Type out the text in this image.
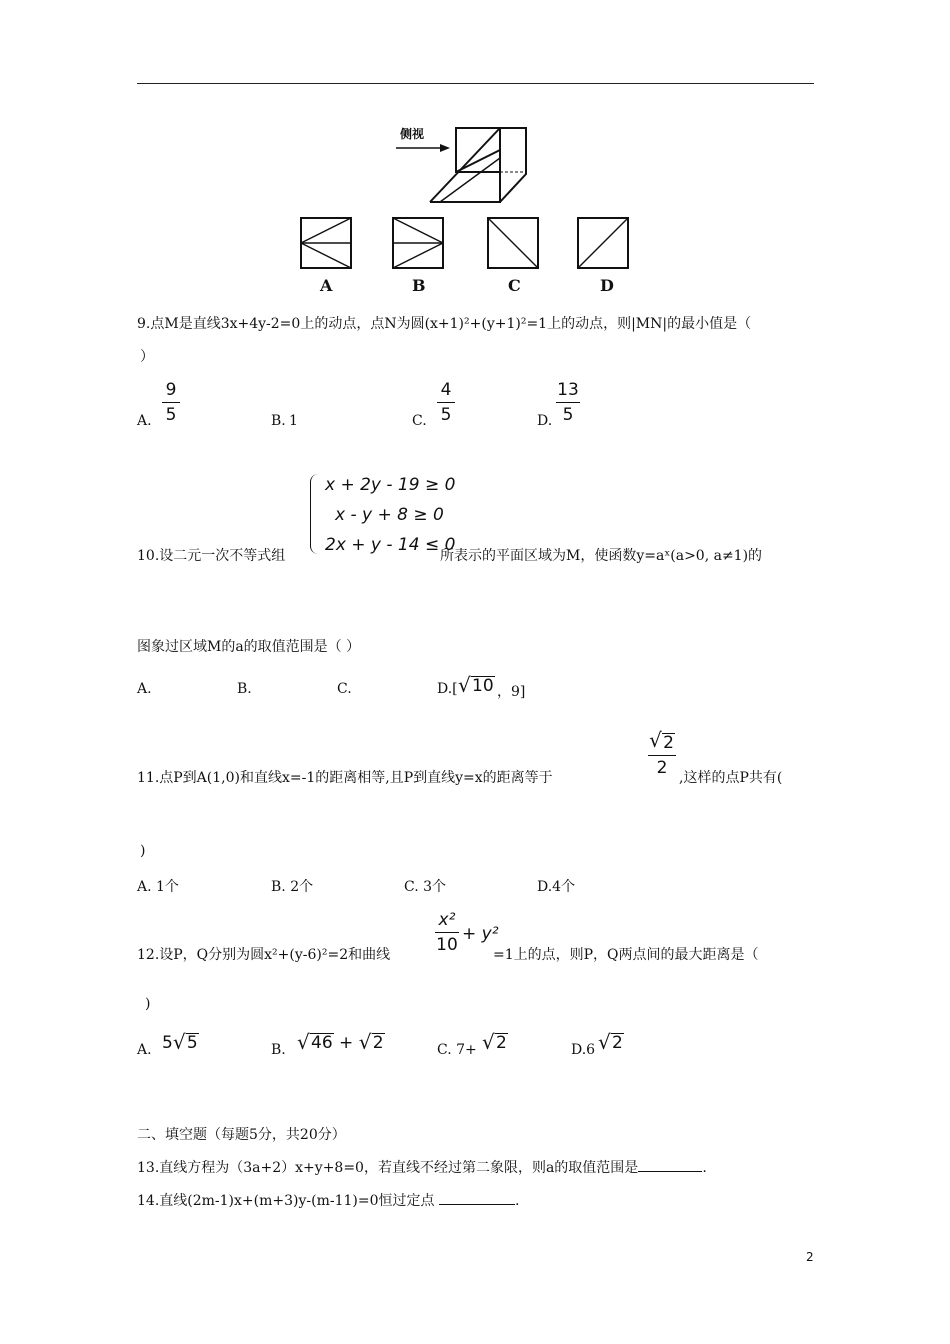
侧视
A	B	C	D
9.点M是直线3x+4y-2=0上的动点，点N为圆(x+1)²+(y+1)²=1上的动点，则|MN|的最小值是（
）
A.
9
5	B. 1	C.
4
5	D.
13
5
x + 2y - 19 ≥ 0
x - y + 8 ≥ 0
2x + y - 14 ≤ 0
10.设二元一次不等式组	所表示的平面区域为M，使函数y=aˣ(a>0, a≠1)的
图象过区域M的a的取值范围是（ ）
A.	B.	C.	D.[ √ 10 ，9]
11.点P到A(1,0)和直线x=-1的距离相等,且P到直线y=x的距离等于
√ 2
2 ,这样的点P共有(
)
A. 1个	B. 2个	C. 3个	D.4个
12.设P，Q分别为圆x²+(y-6)²=2和曲线
x²
10
+ y²
=1上的点，则P，Q两点间的最大距离是（
)
A. 5 √ 5	B.	√ 46 + √ 2	C. 7+	√ 2	D.6 √ 2
二、填空题（每题5分，共20分）
13.直线方程为（3a+2）x+y+8=0，若直线不经过第二象限，则a的取值范围是	.
14.直线(2m-1)x+(m+3)y-(m-11)=0恒过定点	.
2
